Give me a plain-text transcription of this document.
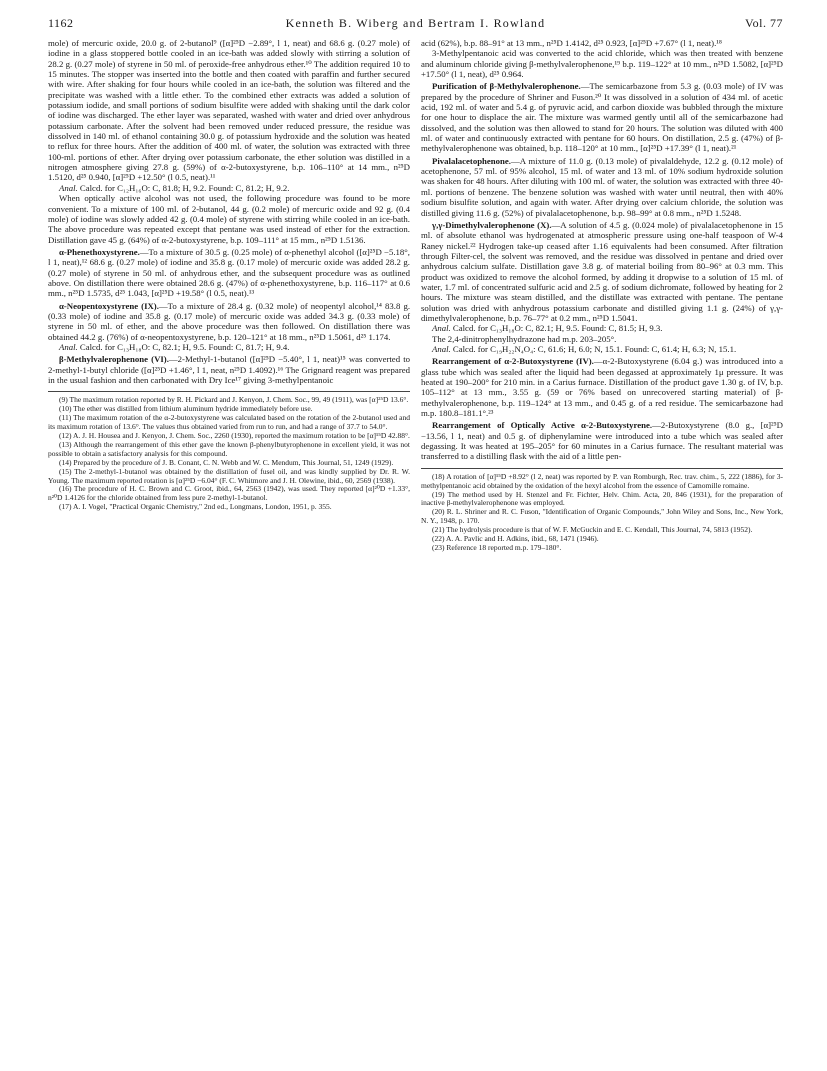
1162	Kenneth B. Wiberg and Bertram I. Rowland	Vol. 77

mole) of mercuric oxide, 20.0 g. of 2-butanol⁹ ([α]²⁵D −2.89°, l 1, neat) and 68.6 g. (0.27 mole) of iodine in a glass stoppered bottle cooled in an ice-bath was added slowly with stirring a solution of 28.2 g. (0.27 mole) of styrene in 50 ml. of peroxide-free anhydrous ether.¹⁰ The addition required 10 to 15 minutes. The stopper was inserted into the bottle and then coated with paraffin and further secured with wire. After shaking for four hours while cooled in an ice-bath, the solution was filtered and the precipitate was washed with a little ether. To the combined ether extracts was added a solution of potassium iodide, and small portions of sodium bisulfite were added with shaking until the dark color of iodine was discharged. The ether layer was separated, washed with water and dried over anhydrous potassium carbonate. After the solvent had been removed under reduced pressure, the residue was dissolved in 140 ml. of ethanol containing 30.0 g. of potassium hydroxide and the solution was heated to reflux for three hours. After the addition of 400 ml. of water, the solution was extracted with three 100-ml. portions of ether. After drying over potassium carbonate, the ether solution was distilled in a nitrogen atmosphere giving 27.8 g. (59%) of α-2-butoxystyrene, b.p. 106–110° at 14 mm., n²⁵D 1.5120, d²⁵ 0.940, [α]²⁵D +12.50° (l 0.5, neat).¹¹

Anal. Calcd. for C₁₂H₁₆O: C, 81.8; H, 9.2. Found: C, 81.2; H, 9.2.

When optically active alcohol was not used, the following procedure was found to be more convenient. To a mixture of 100 ml. of 2-butanol, 44 g. (0.2 mole) of mercuric oxide and 92 g. (0.4 mole) of iodine was slowly added 42 g. (0.4 mole) of styrene with stirring while cooled in an ice-bath. The above procedure was repeated except that pentane was used instead of ether for the extraction. Distillation gave 45 g. (64%) of α-2-butoxystyrene, b.p. 109–111° at 15 mm., n²⁵D 1.5136.

α-Phenethoxystyrene.—To a mixture of 30.5 g. (0.25 mole) of α-phenethyl alcohol ([α]²⁵D −5.18°, l 1, neat),¹² 68.6 g. (0.27 mole) of iodine and 35.8 g. (0.17 mole) of mercuric oxide was added 28.2 g. (0.27 mole) of styrene in 50 ml. of anhydrous ether, and the subsequent procedure was as outlined above. On distillation there were obtained 28.6 g. (47%) of α-phenethoxystyrene, b.p. 116–117° at 0.6 mm., n²⁵D 1.5735, d²⁵ 1.043, [α]²⁵D +19.58° (l 0.5, neat).¹³

α-Neopentoxystyrene (IX).—To a mixture of 28.4 g. (0.32 mole) of neopentyl alcohol,¹⁴ 83.8 g. (0.33 mole) of iodine and 35.8 g. (0.17 mole) of mercuric oxide was added 34.3 g. (0.33 mole) of styrene in 50 ml. of ether, and the above procedure was then followed. On distillation there was obtained 44.2 g. (76%) of α-neopentoxystyrene, b.p. 120–121° at 18 mm., n²⁵D 1.5061, d²⁵ 1.174.

Anal. Calcd. for C₁₃H₁₈O: C, 82.1; H, 9.5. Found: C, 81.7; H, 9.4.

β-Methylvalerophenone (VI).—2-Methyl-1-butanol ([α]²⁵D −5.40°, l 1, neat)¹⁵ was converted to 2-methyl-1-butyl chloride ([α]²⁵D +1.46°, l 1, neat, n²⁵D 1.4092).¹⁶ The Grignard reagent was prepared in the usual fashion and then carbonated with Dry Ice¹⁷ giving 3-methylpentanoic

(9) The maximum rotation reported by R. H. Pickard and J. Kenyon, J. Chem. Soc., 99, 49 (1911), was [α]²⁵D 13.6°.

(10) The ether was distilled from lithium aluminum hydride immediately before use.

(11) The maximum rotation of the α-2-butoxystyrene was calculated based on the rotation of the 2-butanol used and its maximum rotation of 13.6°. The values thus obtained varied from run to run, and had a range of 37.7 to 54.0°.

(12) A. J. H. Housea and J. Kenyon, J. Chem. Soc., 2260 (1930), reported the maximum rotation to be [α]¹⁵D 42.88°.

(13) Although the rearrangement of this ether gave the known β-phenylbutyrophenone in excellent yield, it was not possible to obtain a satisfactory analysis for this compound.

(14) Prepared by the procedure of J. B. Conant, C. N. Webb and W. C. Mendum, This Journal, 51, 1249 (1929).

(15) The 2-methyl-1-butanol was obtained by the distillation of fusel oil, and was kindly supplied by Dr. R. W. Young. The maximum reported rotation is [α]²⁵D −6.04° (F. C. Whitmore and J. H. Olewine, ibid., 60, 2569 (1938).

(16) The procedure of H. C. Brown and C. Groot, ibid., 64, 2563 (1942), was used. They reported [α]²⁰D +1.33°, n²⁰D 1.4126 for the chloride obtained from less pure 2-methyl-1-butanol.

(17) A. I. Vogel, "Practical Organic Chemistry," 2nd ed., Longmans, London, 1951, p. 355.

acid (62%), b.p. 88–91° at 13 mm., n²⁵D 1.4142, d²⁵ 0.923, [α]²⁵D +7.67° (l 1, neat).¹⁸

3-Methylpentanoic acid was converted to the acid chloride, which was then treated with benzene and aluminum chloride giving β-methylvalerophenone,¹⁹ b.p. 119–122° at 10 mm., n²⁵D 1.5082, [α]²⁵D +17.50° (l 1, neat), d²⁵ 0.964.

Purification of β-Methylvalerophenone.—The semicarbazone from 5.3 g. (0.03 mole) of IV was prepared by the procedure of Shriner and Fuson.²⁰ It was dissolved in a solution of 434 ml. of acetic acid, 192 ml. of water and 5.4 g. of pyruvic acid, and carbon dioxide was bubbled through the mixture for one hour to displace the air. The mixture was warmed gently until all of the semicarbazone had dissolved, and the solution was then allowed to stand for 20 hours. The solution was diluted with 400 ml. of water and continuously extracted with pentane for 60 hours. On distillation, 2.5 g. (47%) of β-methylvalerophenone was obtained, b.p. 118–120° at 10 mm., [α]²⁵D +17.39° (l 1, neat).²¹

Pivalalacetophenone.—A mixture of 11.0 g. (0.13 mole) of pivalaldehyde, 12.2 g. (0.12 mole) of acetophenone, 57 ml. of 95% alcohol, 15 ml. of water and 13 ml. of 10% sodium hydroxide solution was shaken for 48 hours. After diluting with 100 ml. of water, the solution was extracted with three 40-ml. portions of benzene. The benzene solution was washed with water until neutral, then with 40% sodium bisulfite solution, and again with water. After drying over calcium chloride, the solution was distilled giving 11.6 g. (52%) of pivalalacetophenone, b.p. 98–99° at 0.8 mm., n²⁵D 1.5248.

γ,γ-Dimethylvalerophenone (X).—A solution of 4.5 g. (0.024 mole) of pivalalacetophenone in 15 ml. of absolute ethanol was hydrogenated at atmospheric pressure using one-half teaspoon of W-4 Raney nickel.²² Hydrogen take-up ceased after 1.16 equivalents had been consumed. After filtration through Filter-cel, the solvent was removed, and the residue was dissolved in pentane and dried over anhydrous calcium sulfate. Distillation gave 3.8 g. of material boiling from 80–96° at 0.3 mm. This product was oxidized to remove the alcohol formed, by adding it dropwise to a solution of 15 ml. of water, 1.7 ml. of concentrated sulfuric acid and 2.5 g. of sodium dichromate, followed by heating for 2 hours. The mixture was steam distilled, and the distillate was extracted with pentane. The pentane solution was dried with anhydrous potassium carbonate and distilled giving 1.1 g. (24%) of γ,γ-dimethylvalerophenone, b.p. 76–77° at 0.2 mm., n²⁵D 1.5041.

Anal. Calcd. for C₁₃H₁₈O: C, 82.1; H, 9.5. Found: C, 81.5; H, 9.3.

The 2,4-dinitrophenylhydrazone had m.p. 203–205°.

Anal. Calcd. for C₁₉H₂₂N₄O₄: C, 61.6; H, 6.0; N, 15.1. Found: C, 61.4; H, 6.3; N, 15.1.

Rearrangement of α-2-Butoxystyrene (IV).—α-2-Butoxystyrene (6.04 g.) was introduced into a glass tube which was sealed after the liquid had been degassed at approximately 1μ pressure. It was heated at 190–200° for 210 min. in a Carius furnace. Distillation of the product gave 1.30 g. of IV, b.p. 105–112° at 13 mm., 3.55 g. (59 or 76% based on unrecovered starting material) of β-methylvalerophenone, b.p. 119–124° at 13 mm., and 0.45 g. of a red residue. The semicarbazone had m.p. 180.8–181.1°.²³

Rearrangement of Optically Active α-2-Butoxystyrene.—2-Butoxystyrene (8.0 g., [α]²⁵D −13.56, l 1, neat) and 0.5 g. of diphenylamine were introduced into a tube which was sealed after degassing. It was heated at 195–205° for 60 minutes in a Carius furnace. The resultant material was transferred to a distilling flask with the aid of a little pen-

(18) A rotation of [α]¹⁵D +8.92° (l 2, neat) was reported by P. van Romburgh, Rec. trav. chim., 5, 222 (1886), for 3-methylpentanoic acid obtained by the oxidation of the hexyl alcohol from the essence of Camomille romaine.

(19) The method used by H. Stenzel and Fr. Fichter, Helv. Chim. Acta, 20, 846 (1931), for the preparation of inactive β-methylvalerophenone was employed.

(20) R. L. Shriner and R. C. Fuson, "Identification of Organic Compounds," John Wiley and Sons, Inc., New York, N. Y., 1948, p. 170.

(21) The hydrolysis procedure is that of W. F. McGuckin and E. C. Kendall, This Journal, 74, 5813 (1952).

(22) A. A. Pavlic and H. Adkins, ibid., 68, 1471 (1946).

(23) Reference 18 reported m.p. 179–180°.
